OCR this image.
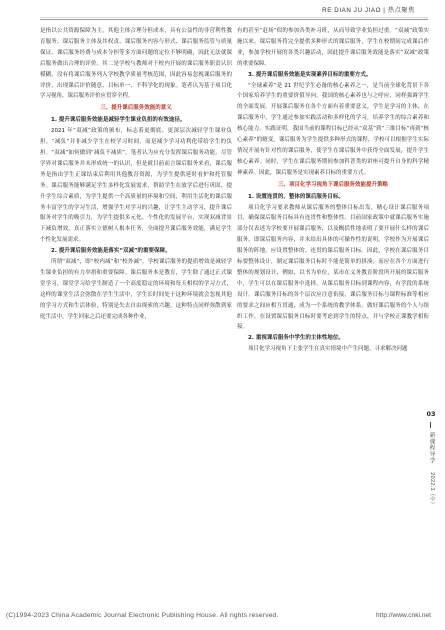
RE DIAN JU JIAO | 热点聚焦

是指以公共资源保障为主，其他主体合理分担成本，具有公益性的非营利性教育服务。课后服务主体及其权责、课后服务内容与形式、课后服务监管与质量保证、课后服务经费与成本分担等多方面问题的定位不够明确，因此无法就课后服务做出合理的评价。其二是学校与教师对于校内开展的课后服务职责认识模糊，没有将课后服务列入学校教学质量考核范围，因此容易忽视课后服务的评价，出现课后评价随意、目标单一、不科学化的现象。笔者认为基于项目化学习视角，课后服务评价应贯穿全程。

三、提升课后服务效能的意义

1. 提升课后服务效能是减轻学生课业负担的有效途径。

2021 年“双减”政策的颁布，标志着更彻底、更深层次减轻学生课业负担。“减负”并非减少学生在校学习时间，而是减少学习功利化带给学生的负担。“双减”如何做到“减负不减质”，笔者认为应充分发挥课后服务功能。尽管学界对课后服务并未形成统一的认识，但是就目前而言课后服务来看，课后服务是指由学生正课结束后利用其他教育资源，为学生提供延时看护和托管服务。课后服务能够满足学生多样化发展需求，帮助学生在放学后进行巩固，提升学生综合素质，为学生提供一个高质量的环境和空间，利用生活化的课后服务丰富学生的学习生活，增强学生对学习的兴趣，让学生主动学习，提升课后服务对学生的吸引力，为学生提供多元化、个性化的发展平台，实现双减背景下减负增效，真正落实立德树人根本任务，全面提升课后服务效能，满足学生个性化发展需求。

2. 提升课后服务效能是落实“双减”的重要保障。

所谓“双减”，即“校内减”和“校外减”。学校课后服务的提质增效是减轻学生课业负担的有力举措和重要保障。课后服务本是教育，学生除了通过正式课堂学习，课堂学习给学生制造了一个高度稳定的环境和每天相似的学习方式，这样的课堂生活会弥散在学生生活中，学生长时间处于这种环境就会忽视其他的学习方式和生活体验，特别是失去自由探索的兴趣。这种特点同样弥散到家庭生活中，学生回家之后还要完成各种作业，

有的甚至“赶场”似的参加各类补习班，从而导致学业负担过重。“双减”政策实施以来，课后服务将完全提供多种形式的课后服务，学生在校期间完成课后作业，参加学校开展的各类兴趣活动，因此提升课后服务效能是落实“双减”政策的重要保障。

3. 提升课后服务效能是实现素养目标的重要方式。

“全球素养”是 21 世纪学生必备的核心素养之一，是当前全球化背景下各个国家培养学生的重要价值导向，我国的核心素养也与之呼应，同样强调学生的全面发展。开展课后服务在各个方面有着重要意义，学生是学习的主体，在课后服务中，学生通过参加实践活动和多样化的学习，培养学生的综合素养和核心能力。实践证明，我国当前的课程目标已经从“双基”到“三维目标”再到“核心素养”的嬗变，课后服务为学生提供多种形式的课程，学校可以根据学生实际情况开展有针对性的课后服务，使学生在课后服务中获得全面发展，提升学生核心素养。同时，学生在课后服务期间参加科普类的讲座可提升自身的科学精神素养。因此，课后服务是实现素养目标的重要方式。

三、项目化学习视角下课后服务效能提升策略

1. 设置连贯的、整体的课后服务目标。

项目化学习要求教师从课后服务的整体目标出发，精心设计课后服务项目，确保课后服务目标具有连贯性和整体性。目前国家政策中就课后服务实施部分仅表述为学校要开展课后服务，以及概括性地表明了要开展什么样的课后服务，即课后服务内容，并未给出具体的可操作性的说明。学校作为开展课后服务的阵地，应设置整体的、连贯的课后服务目标。因此，学校在课后服务目标要整体设计，制定课后服务目标时不能是简单的拼凑，而应在各个方面进行整体的规划设计，例如，以书为单位，某市在义务教育阶段所开展的课后服务中，学生可以在课后服务中选择，从课后服务目标到课程内容，有学段的系统设计。课后服务目标的各个层次应注意衔接，课后服务目标与课程标准等相应的要求之间应相互贯通，成为一个系统的教学体系。做好课后服务的个人与组织工作，在设置课后服务目标时要考虑到学生的特点，并与学校正课教学相衔接。

2. 重视课后服务中学生的主体性地位。

项目化学习视角下主张学生在真实情境中产生问题、寻求解决问题

03
新课程导学
2022.1（中）
(C)1994-2023 China Academic Journal Electronic Publishing House. All rights reserved.	http://www.cnki.net
